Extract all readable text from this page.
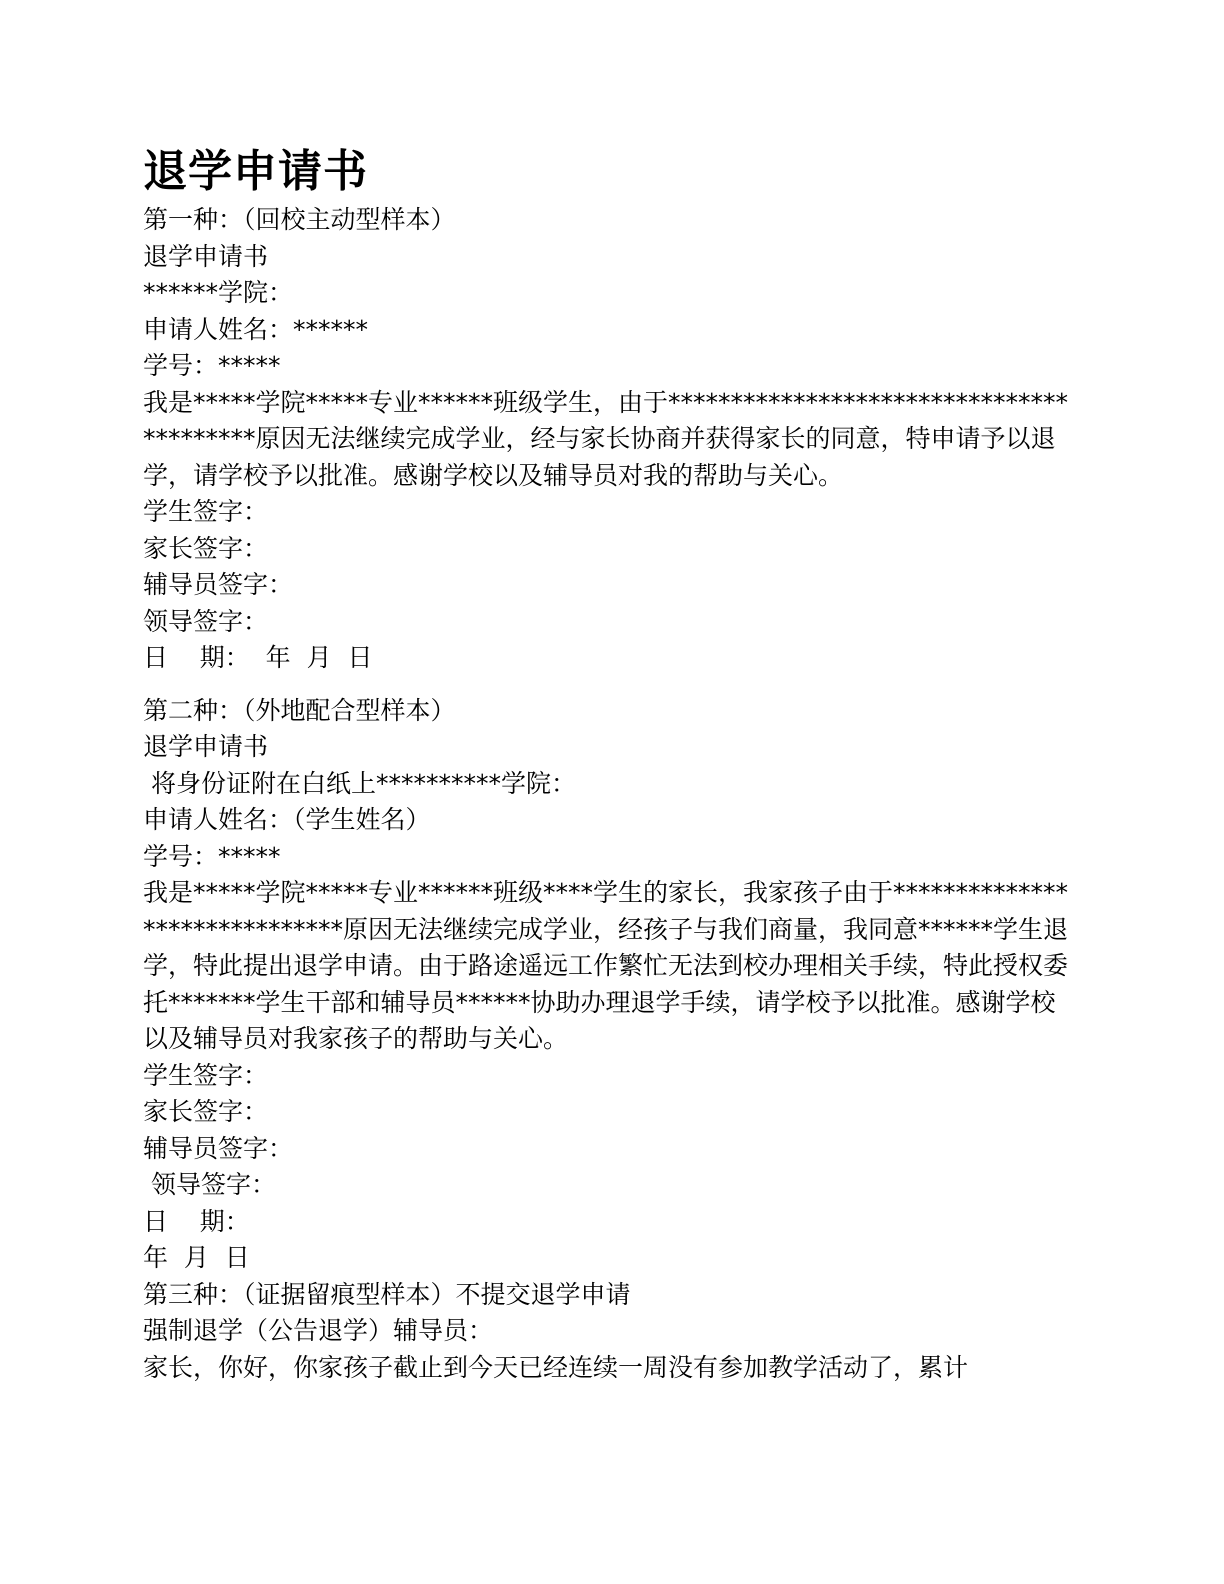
退学申请书

第一种：（回校主动型样本）

退学申请书

******学院：

申请人姓名：******

学号：*****

我是*****学院*****专业******班级学生，由于*****************************************原因无法继续完成学业，经与家长协商并获得家长的同意，特申请予以退学，请学校予以批准。感谢学校以及辅导员对我的帮助与关心。

学生签字：

家长签字：

辅导员签字：

领导签字：

日    期：  年  月  日

第二种：（外地配合型样本）

退学申请书

将身份证附在白纸上**********学院：

申请人姓名：（学生姓名）

学号：*****

我是*****学院*****专业******班级****学生的家长，我家孩子由于******************************原因无法继续完成学业，经孩子与我们商量，我同意******学生退学，特此提出退学申请。由于路途遥远工作繁忙无法到校办理相关手续，特此授权委托*******学生干部和辅导员******协助办理退学手续，请学校予以批准。感谢学校以及辅导员对我家孩子的帮助与关心。

学生签字：

家长签字：

辅导员签字：

领导签字：

日    期：

年  月  日

第三种：（证据留痕型样本）不提交退学申请

强制退学（公告退学）辅导员：

家长，你好，你家孩子截止到今天已经连续一周没有参加教学活动了，累计
